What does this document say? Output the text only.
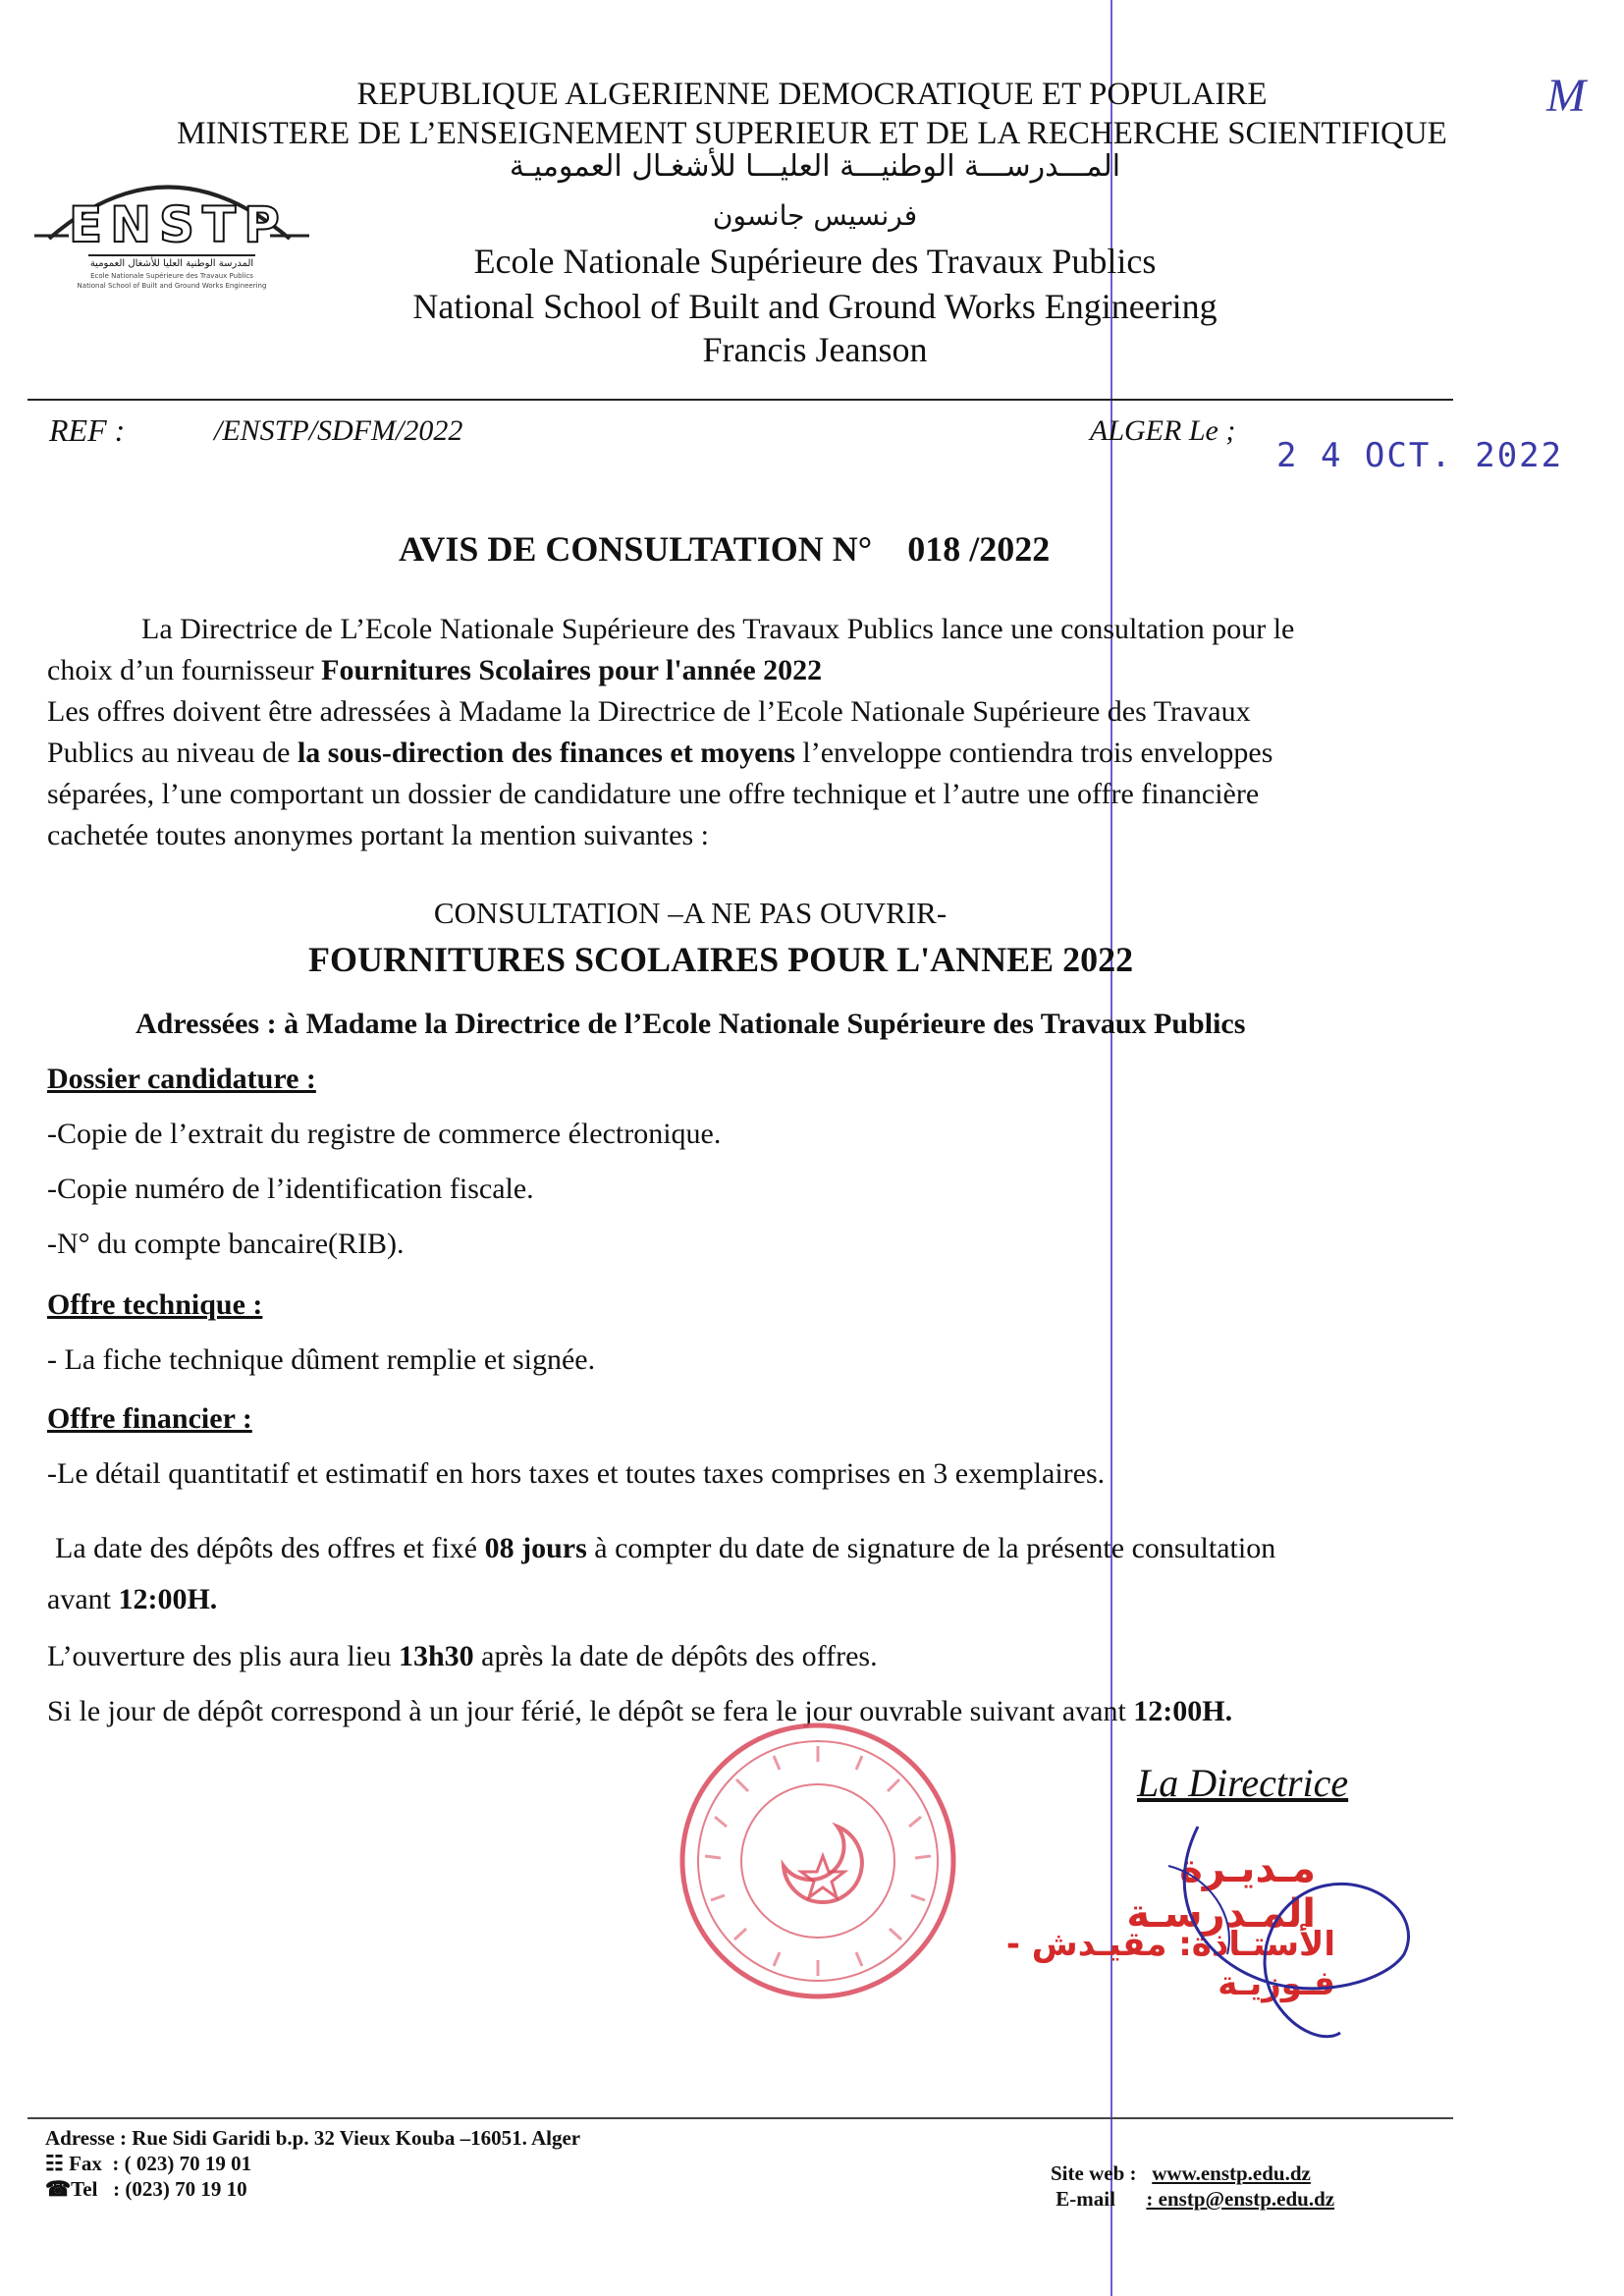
M
REPUBLIQUE ALGERIENNE DEMOCRATIQUE ET POPULAIRE
MINISTERE DE L’ENSEIGNEMENT SUPERIEUR ET DE LA RECHERCHE SCIENTIFIQUE
المـــدرســـة الوطنيـــة العليـــا للأشغـال العموميـة
فرنسيس جانسون
Ecole Nationale Supérieure des Travaux Publics
National School of Built and Ground Works Engineering
Francis Jeanson
ENSTP
المدرسة الوطنية العليا للأشغال العمومية
Ecole Nationale Supérieure des Travaux Publics
National School of Built and Ground Works Engineering
REF :	/ENSTP/SDFM/2022	ALGER Le ;
2 4 OCT. 2022
AVIS DE CONSULTATION N° 018 /2022
La Directrice de L’Ecole Nationale Supérieure des Travaux Publics lance une consultation pour le
choix d’un fournisseur Fournitures Scolaires pour l'année 2022
Les offres doivent être adressées à Madame la Directrice de l’Ecole Nationale Supérieure des Travaux
Publics au niveau de la sous-direction des finances et moyens l’enveloppe contiendra trois enveloppes
séparées, l’une comportant un dossier de candidature une offre technique et l’autre une offre financière
cachetée toutes anonymes portant la mention suivantes :
CONSULTATION –A NE PAS OUVRIR-
FOURNITURES SCOLAIRES POUR L'ANNEE 2022
Adressées : à Madame la Directrice de l’Ecole Nationale Supérieure des Travaux Publics
Dossier candidature :
-Copie de l’extrait du registre de commerce électronique.
-Copie numéro de l’identification fiscale.
-N° du compte bancaire(RIB).
Offre technique :
- La fiche technique dûment remplie et signée.
Offre financier :
-Le détail quantitatif et estimatif en hors taxes et toutes taxes comprises en 3 exemplaires.
La date des dépôts des offres et fixé 08 jours à compter du date de signature de la présente consultation
avant 12:00H.
L’ouverture des plis aura lieu 13h30 après la date de dépôts des offres.
Si le jour de dépôt correspond à un jour férié, le dépôt se fera le jour ouvrable suivant avant 12:00H.
La Directrice
مـديـرة المـدرسـة
الأستـاذة: مقيـدش - فـوزيـة
Adresse : Rue Sidi Garidi b.p. 32 Vieux Kouba –16051. Alger
☷ Fax : ( 023) 70 19 01
☎Tel : (023) 70 19 10
Site web : www.enstp.edu.dz
E-mail : enstp@enstp.edu.dz
